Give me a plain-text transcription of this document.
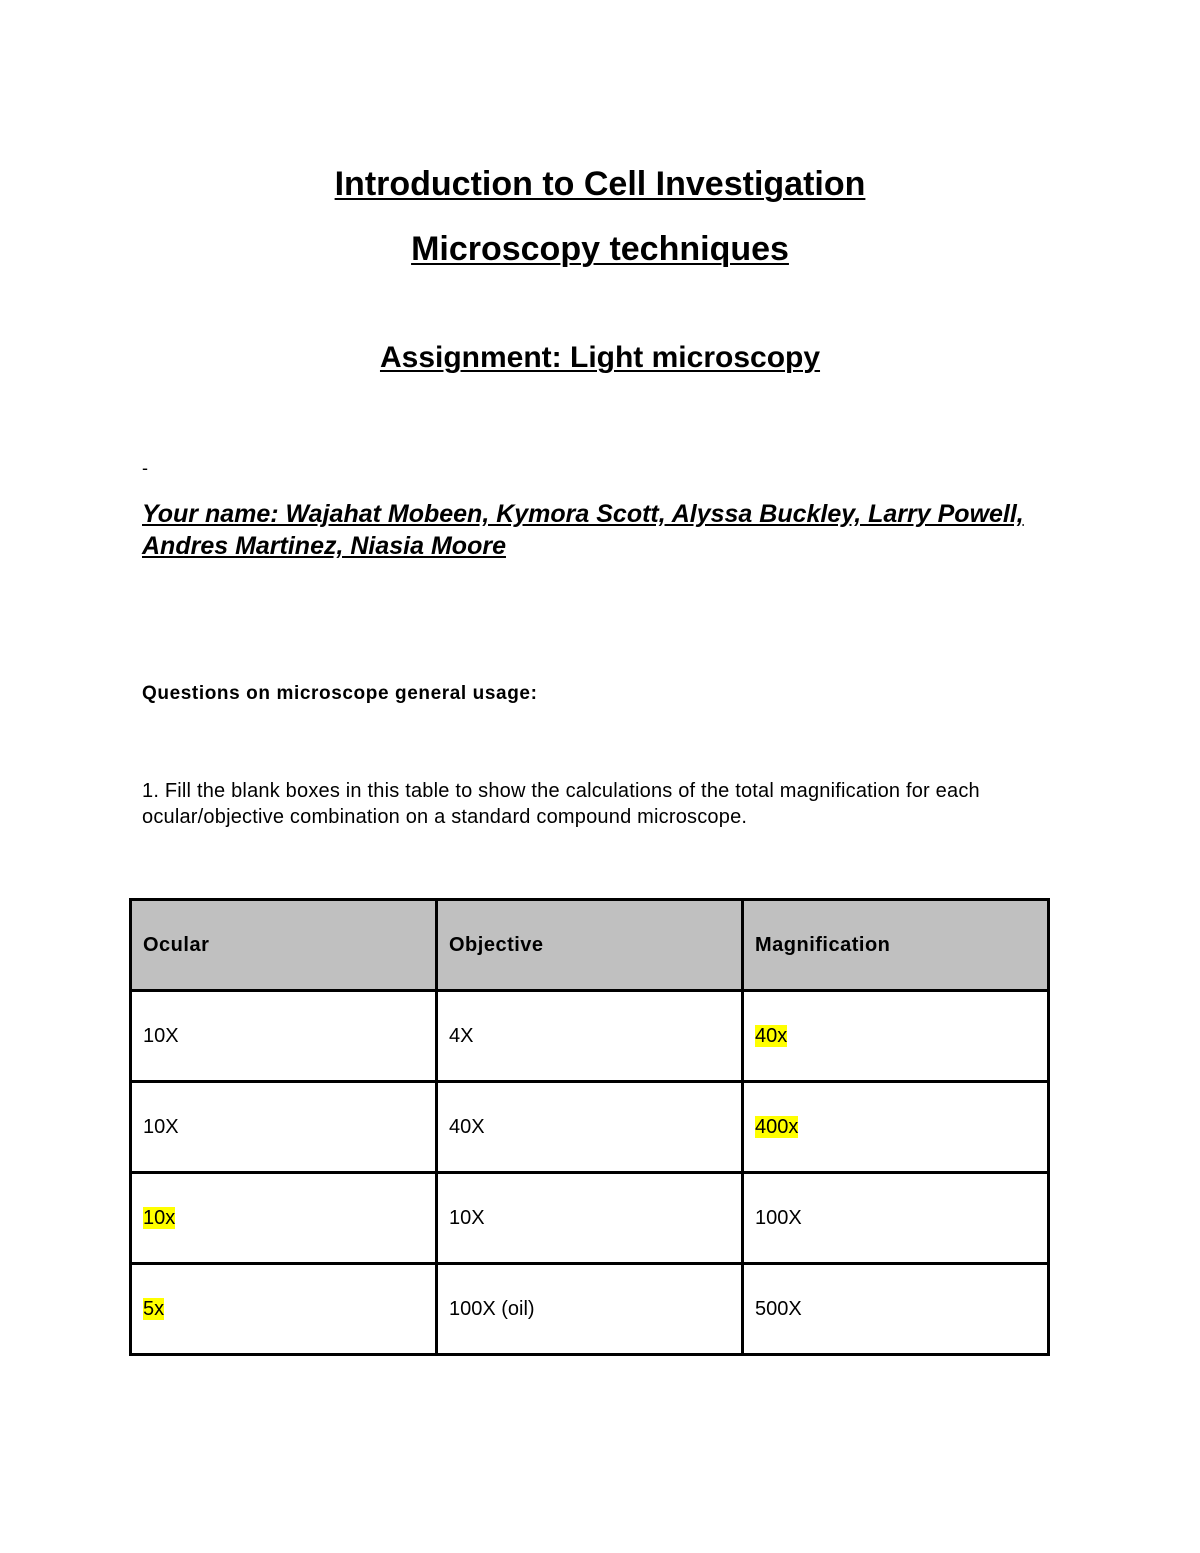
Introduction to Cell Investigation
Microscopy techniques
Assignment: Light microscopy
-
Your name: Wajahat Mobeen, Kymora Scott, Alyssa Buckley, Larry Powell, Andres Martinez, Niasia Moore
Questions on microscope general usage:
1. Fill the blank boxes in this table to show the calculations of the total magnification for each ocular/objective combination on a standard compound microscope.
Ocular	Objective	Magnification
10X	4X	40x
10X	40X	400x
10x	10X	100X
5x	100X (oil)	500X
